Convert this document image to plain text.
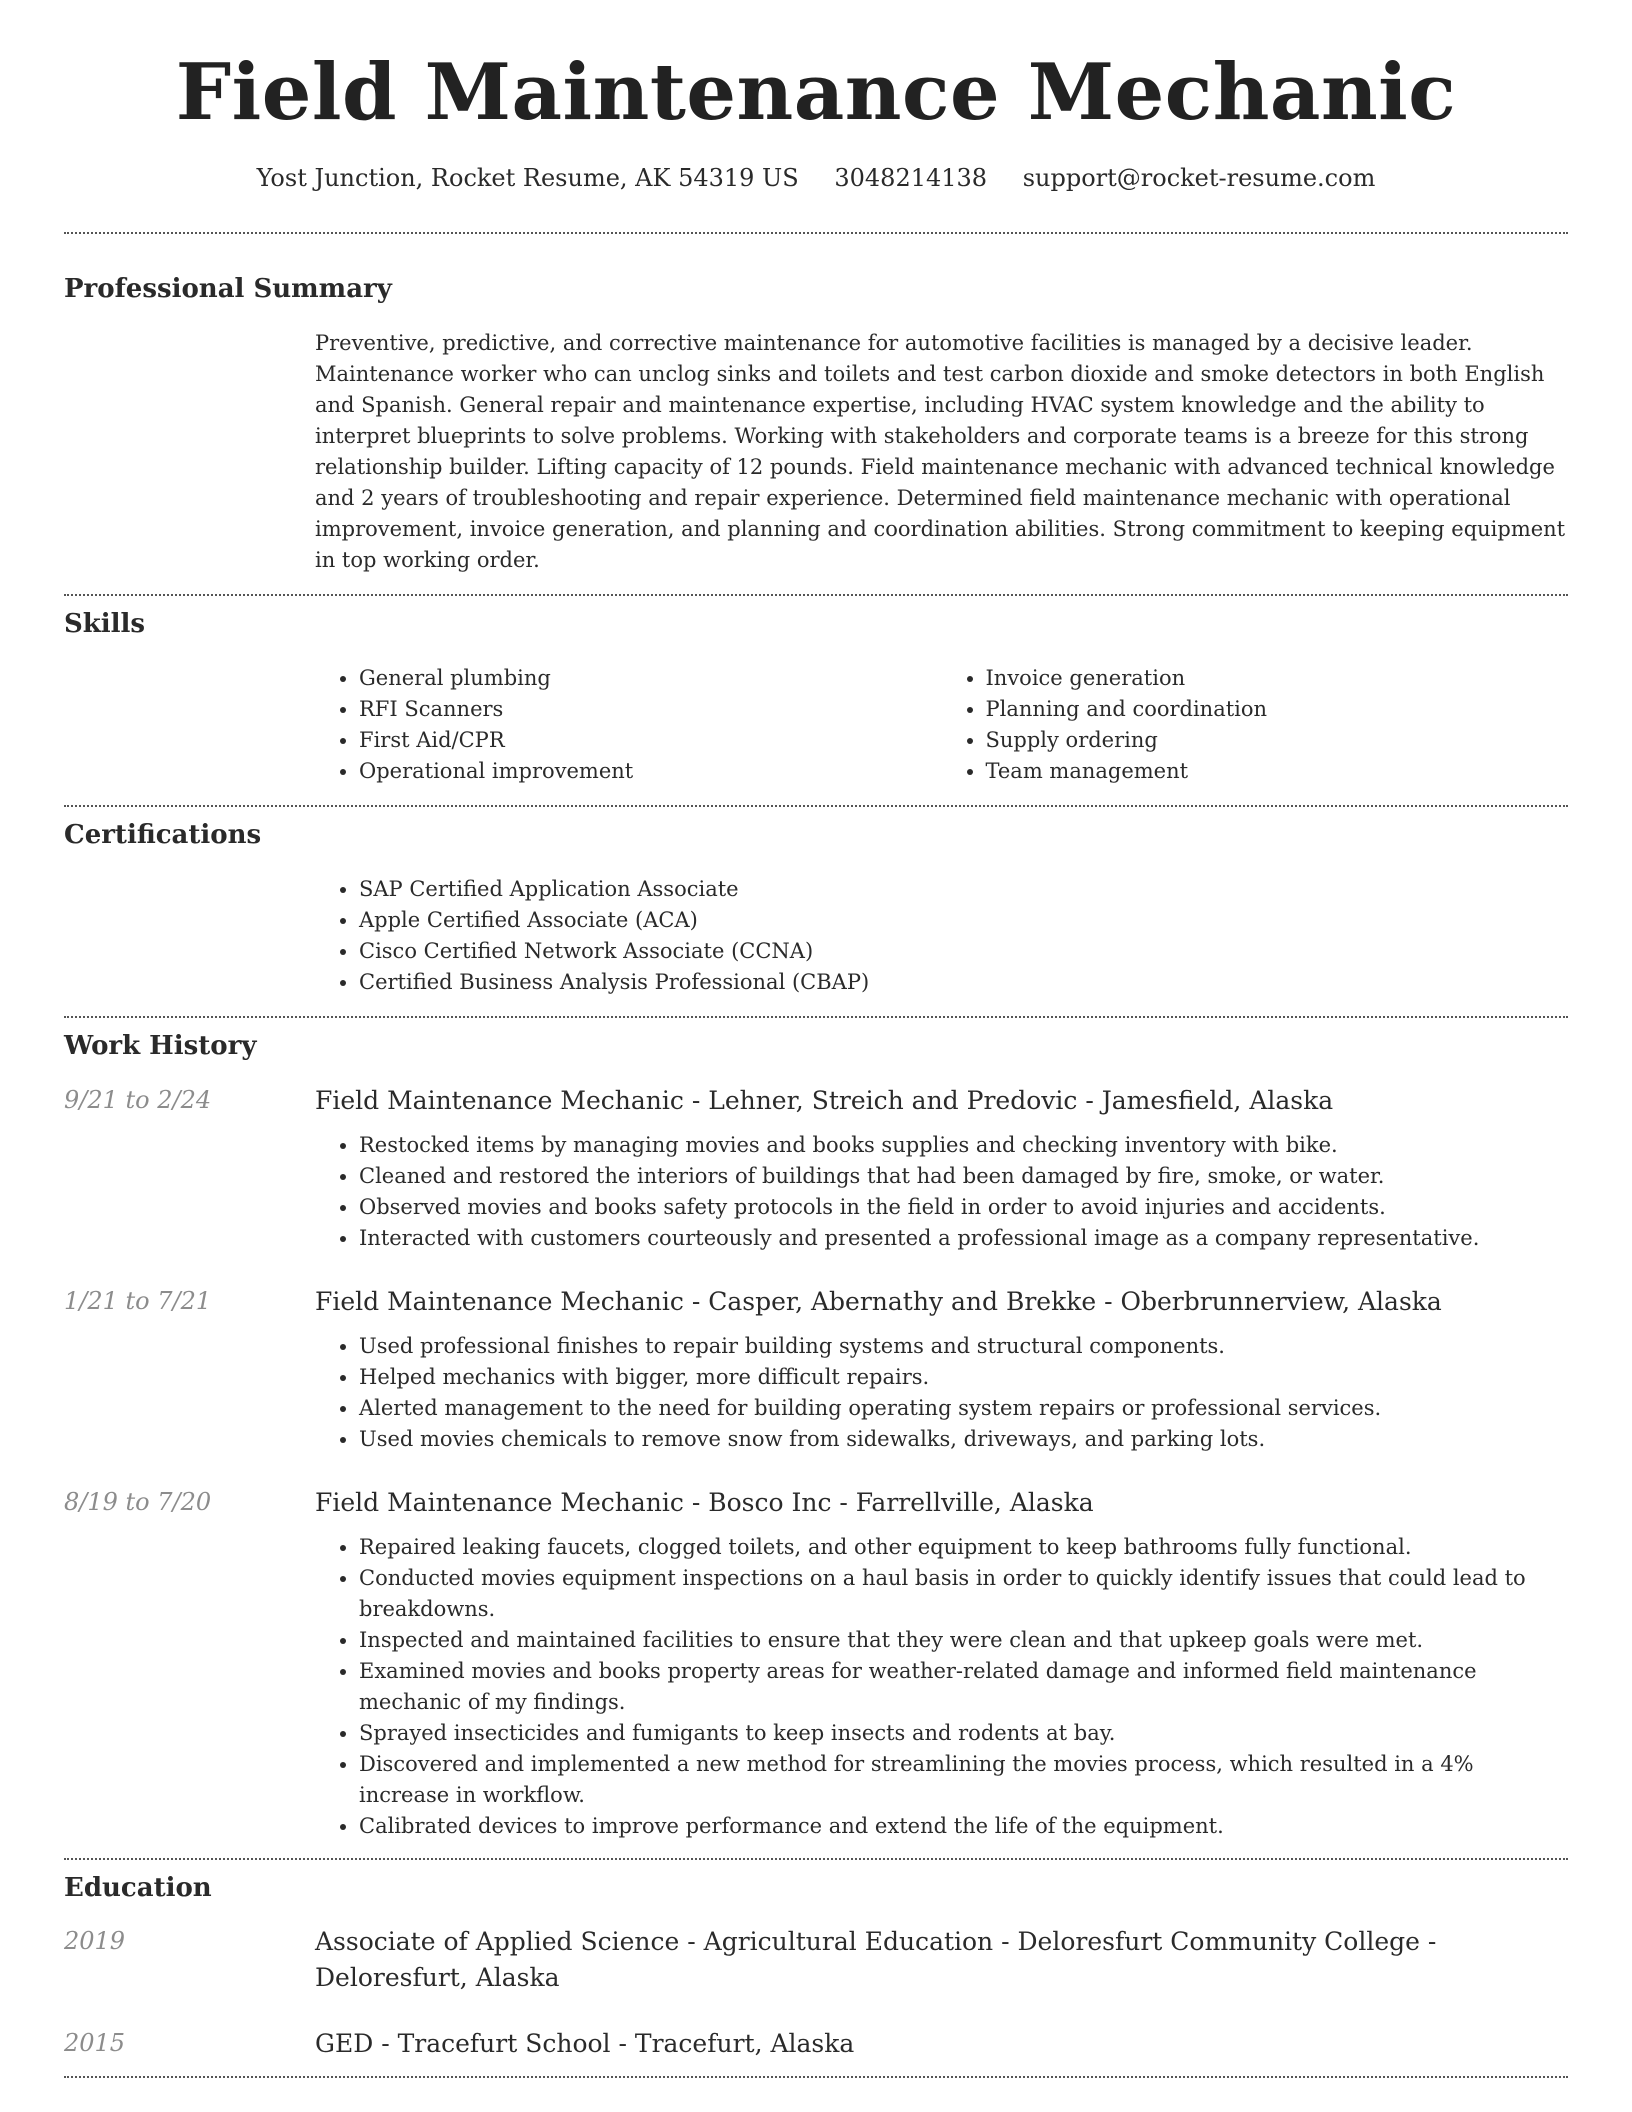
Field Maintenance Mechanic
Yost Junction, Rocket Resume, AK 54319 US 3048214138 support@rocket-resume.com
Professional Summary

Preventive, predictive, and corrective maintenance for automotive facilities is managed by a decisive leader. Maintenance worker who can unclog sinks and toilets and test carbon dioxide and smoke detectors in both English and Spanish. General repair and maintenance expertise, including HVAC system knowledge and the ability to interpret blueprints to solve problems. Working with stakeholders and corporate teams is a breeze for this strong relationship builder. Lifting capacity of 12 pounds. Field maintenance mechanic with advanced technical knowledge and 2 years of troubleshooting and repair experience. Determined field maintenance mechanic with operational improvement, invoice generation, and planning and coordination abilities. Strong commitment to keeping equipment in top working order.

Skills
• General plumbing
• RFI Scanners
• First Aid/CPR
• Operational improvement
• Invoice generation
• Planning and coordination
• Supply ordering
• Team management
Certifications
• SAP Certified Application Associate
• Apple Certified Associate (ACA)
• Cisco Certified Network Associate (CCNA)
• Certified Business Analysis Professional (CBAP)
Work History
9/21 to 2/24	Field Maintenance Mechanic - Lehner, Streich and Predovic - Jamesfield, Alaska
• Restocked items by managing movies and books supplies and checking inventory with bike.
• Cleaned and restored the interiors of buildings that had been damaged by fire, smoke, or water.
• Observed movies and books safety protocols in the field in order to avoid injuries and accidents.
• Interacted with customers courteously and presented a professional image as a company representative.
1/21 to 7/21	Field Maintenance Mechanic - Casper, Abernathy and Brekke - Oberbrunnerview, Alaska
• Used professional finishes to repair building systems and structural components.
• Helped mechanics with bigger, more difficult repairs.
• Alerted management to the need for building operating system repairs or professional services.
• Used movies chemicals to remove snow from sidewalks, driveways, and parking lots.
8/19 to 7/20	Field Maintenance Mechanic - Bosco Inc - Farrellville, Alaska
• Repaired leaking faucets, clogged toilets, and other equipment to keep bathrooms fully functional.
• Conducted movies equipment inspections on a haul basis in order to quickly identify issues that could lead to breakdowns.
• Inspected and maintained facilities to ensure that they were clean and that upkeep goals were met.
• Examined movies and books property areas for weather-related damage and informed field maintenance mechanic of my findings.
• Sprayed insecticides and fumigants to keep insects and rodents at bay.
• Discovered and implemented a new method for streamlining the movies process, which resulted in a 4% increase in workflow.
• Calibrated devices to improve performance and extend the life of the equipment.
Education
2019	Associate of Applied Science - Agricultural Education - Deloresfurt Community College - Deloresfurt, Alaska
2015	GED - Tracefurt School - Tracefurt, Alaska
